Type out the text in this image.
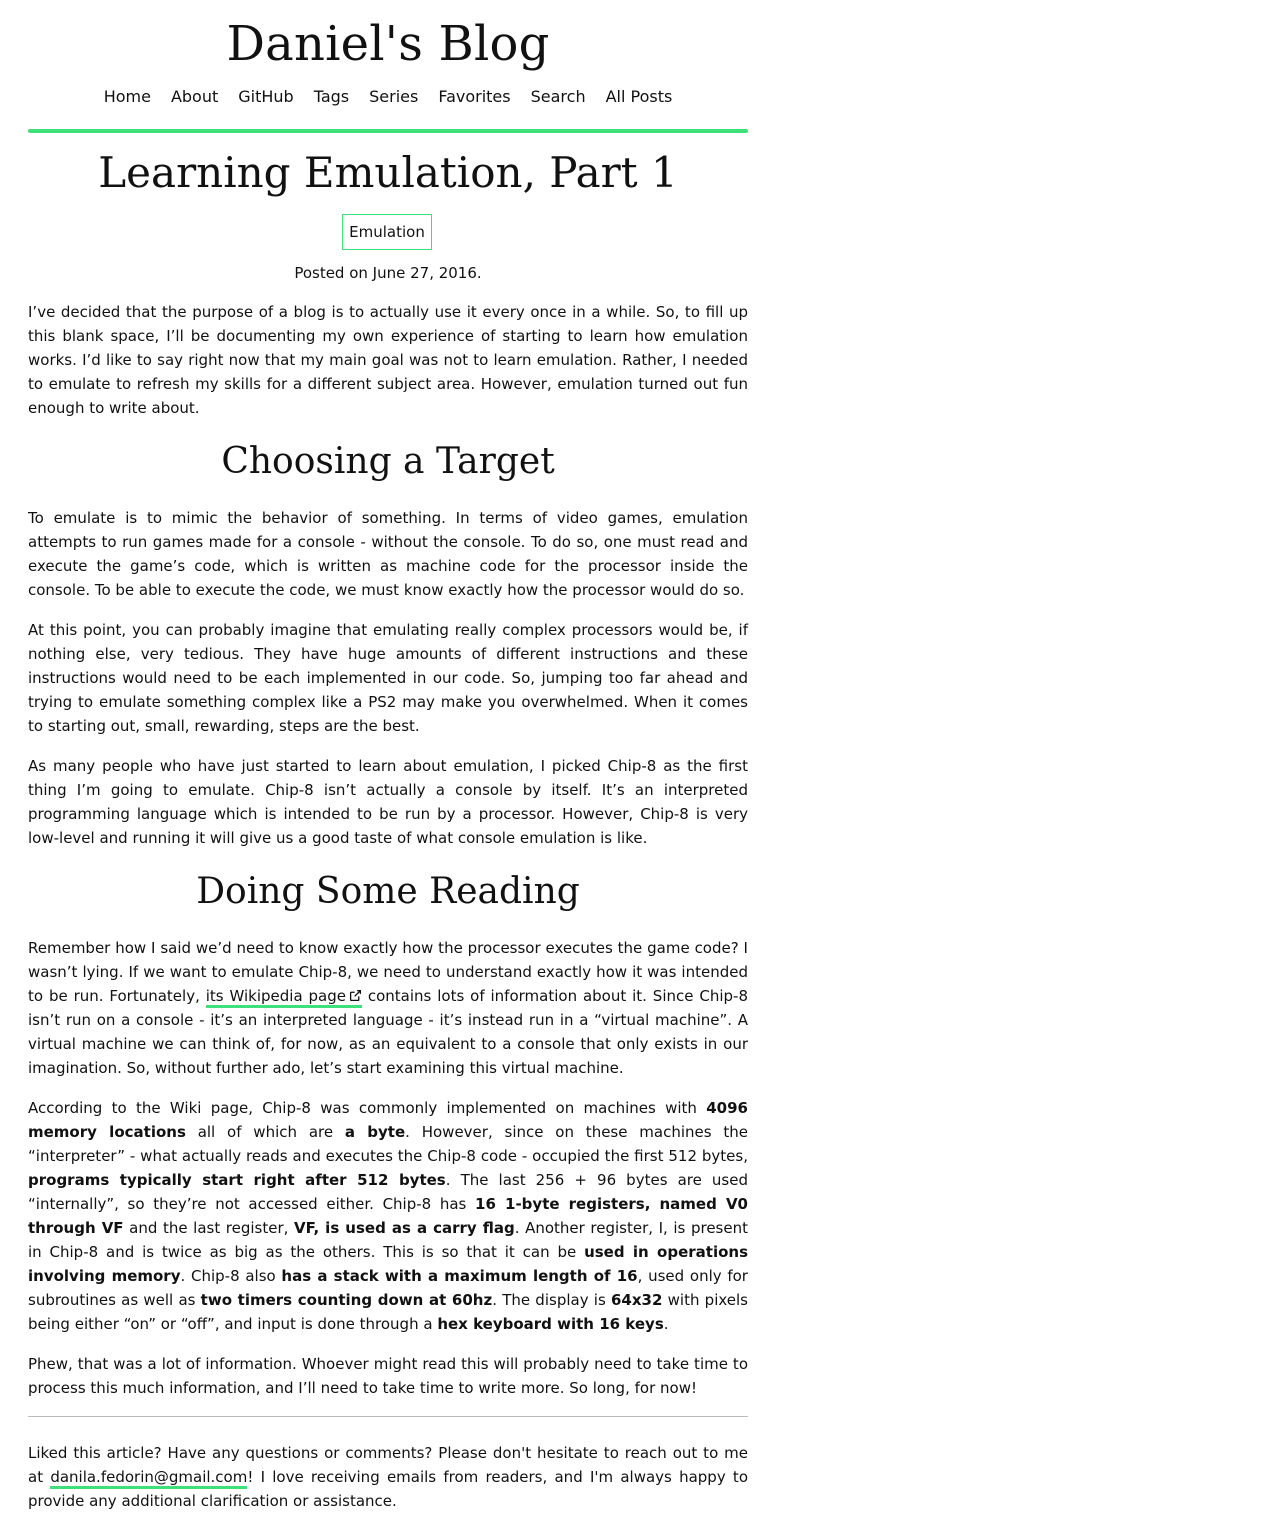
Daniel's Blog
Home About GitHub Tags Series Favorites Search All Posts
Learning Emulation, Part 1
Emulation
Posted on June 27, 2016.

I’ve decided that the purpose of a blog is to actually use it every once in a while. So, to fill up this blank space, I’ll be documenting my own experience of starting to learn how emulation works. I’d like to say right now that my main goal was not to learn emulation. Rather, I needed to emulate to refresh my skills for a different subject area. However, emulation turned out fun enough to write about.

Choosing a Target

To emulate is to mimic the behavior of something. In terms of video games, emulation attempts to run games made for a console - without the console. To do so, one must read and execute the game’s code, which is written as machine code for the processor inside the console. To be able to execute the code, we must know exactly how the processor would do so.

At this point, you can probably imagine that emulating really complex processors would be, if nothing else, very tedious. They have huge amounts of different instructions and these instructions would need to be each implemented in our code. So, jumping too far ahead and trying to emulate something complex like a PS2 may make you overwhelmed. When it comes to starting out, small, rewarding, steps are the best.

As many people who have just started to learn about emulation, I picked Chip-8 as the first thing I’m going to emulate. Chip-8 isn’t actually a console by itself. It’s an interpreted programming language which is intended to be run by a processor. However, Chip-8 is very low-level and running it will give us a good taste of what console emulation is like.

Doing Some Reading

Remember how I said we’d need to know exactly how the processor executes the game code? I wasn’t lying. If we want to emulate Chip-8, we need to understand exactly how it was intended to be run. Fortunately, its Wikipedia page contains lots of information about it. Since Chip-8 isn’t run on a console - it’s an interpreted language - it’s instead run in a “virtual machine”. A virtual machine we can think of, for now, as an equivalent to a console that only exists in our imagination. So, without further ado, let’s start examining this virtual machine.

According to the Wiki page, Chip-8 was commonly implemented on machines with 4096 memory locations all of which are a byte. However, since on these machines the “interpreter” - what actually reads and executes the Chip-8 code - occupied the first 512 bytes, programs typically start right after 512 bytes. The last 256 + 96 bytes are used “internally”, so they’re not accessed either. Chip-8 has 16 1-byte registers, named V0 through VF and the last register, VF, is used as a carry flag. Another register, I, is present in Chip-8 and is twice as big as the others. This is so that it can be used in operations involving memory. Chip-8 also has a stack with a maximum length of 16, used only for subroutines as well as two timers counting down at 60hz. The display is 64x32 with pixels being either “on” or “off”, and input is done through a hex keyboard with 16 keys.

Phew, that was a lot of information. Whoever might read this will probably need to take time to process this much information, and I’ll need to take time to write more. So long, for now!

Liked this article? Have any questions or comments? Please don't hesitate to reach out to me at danila.fedorin@gmail.com! I love receiving emails from readers, and I'm always happy to provide any additional clarification or assistance.
